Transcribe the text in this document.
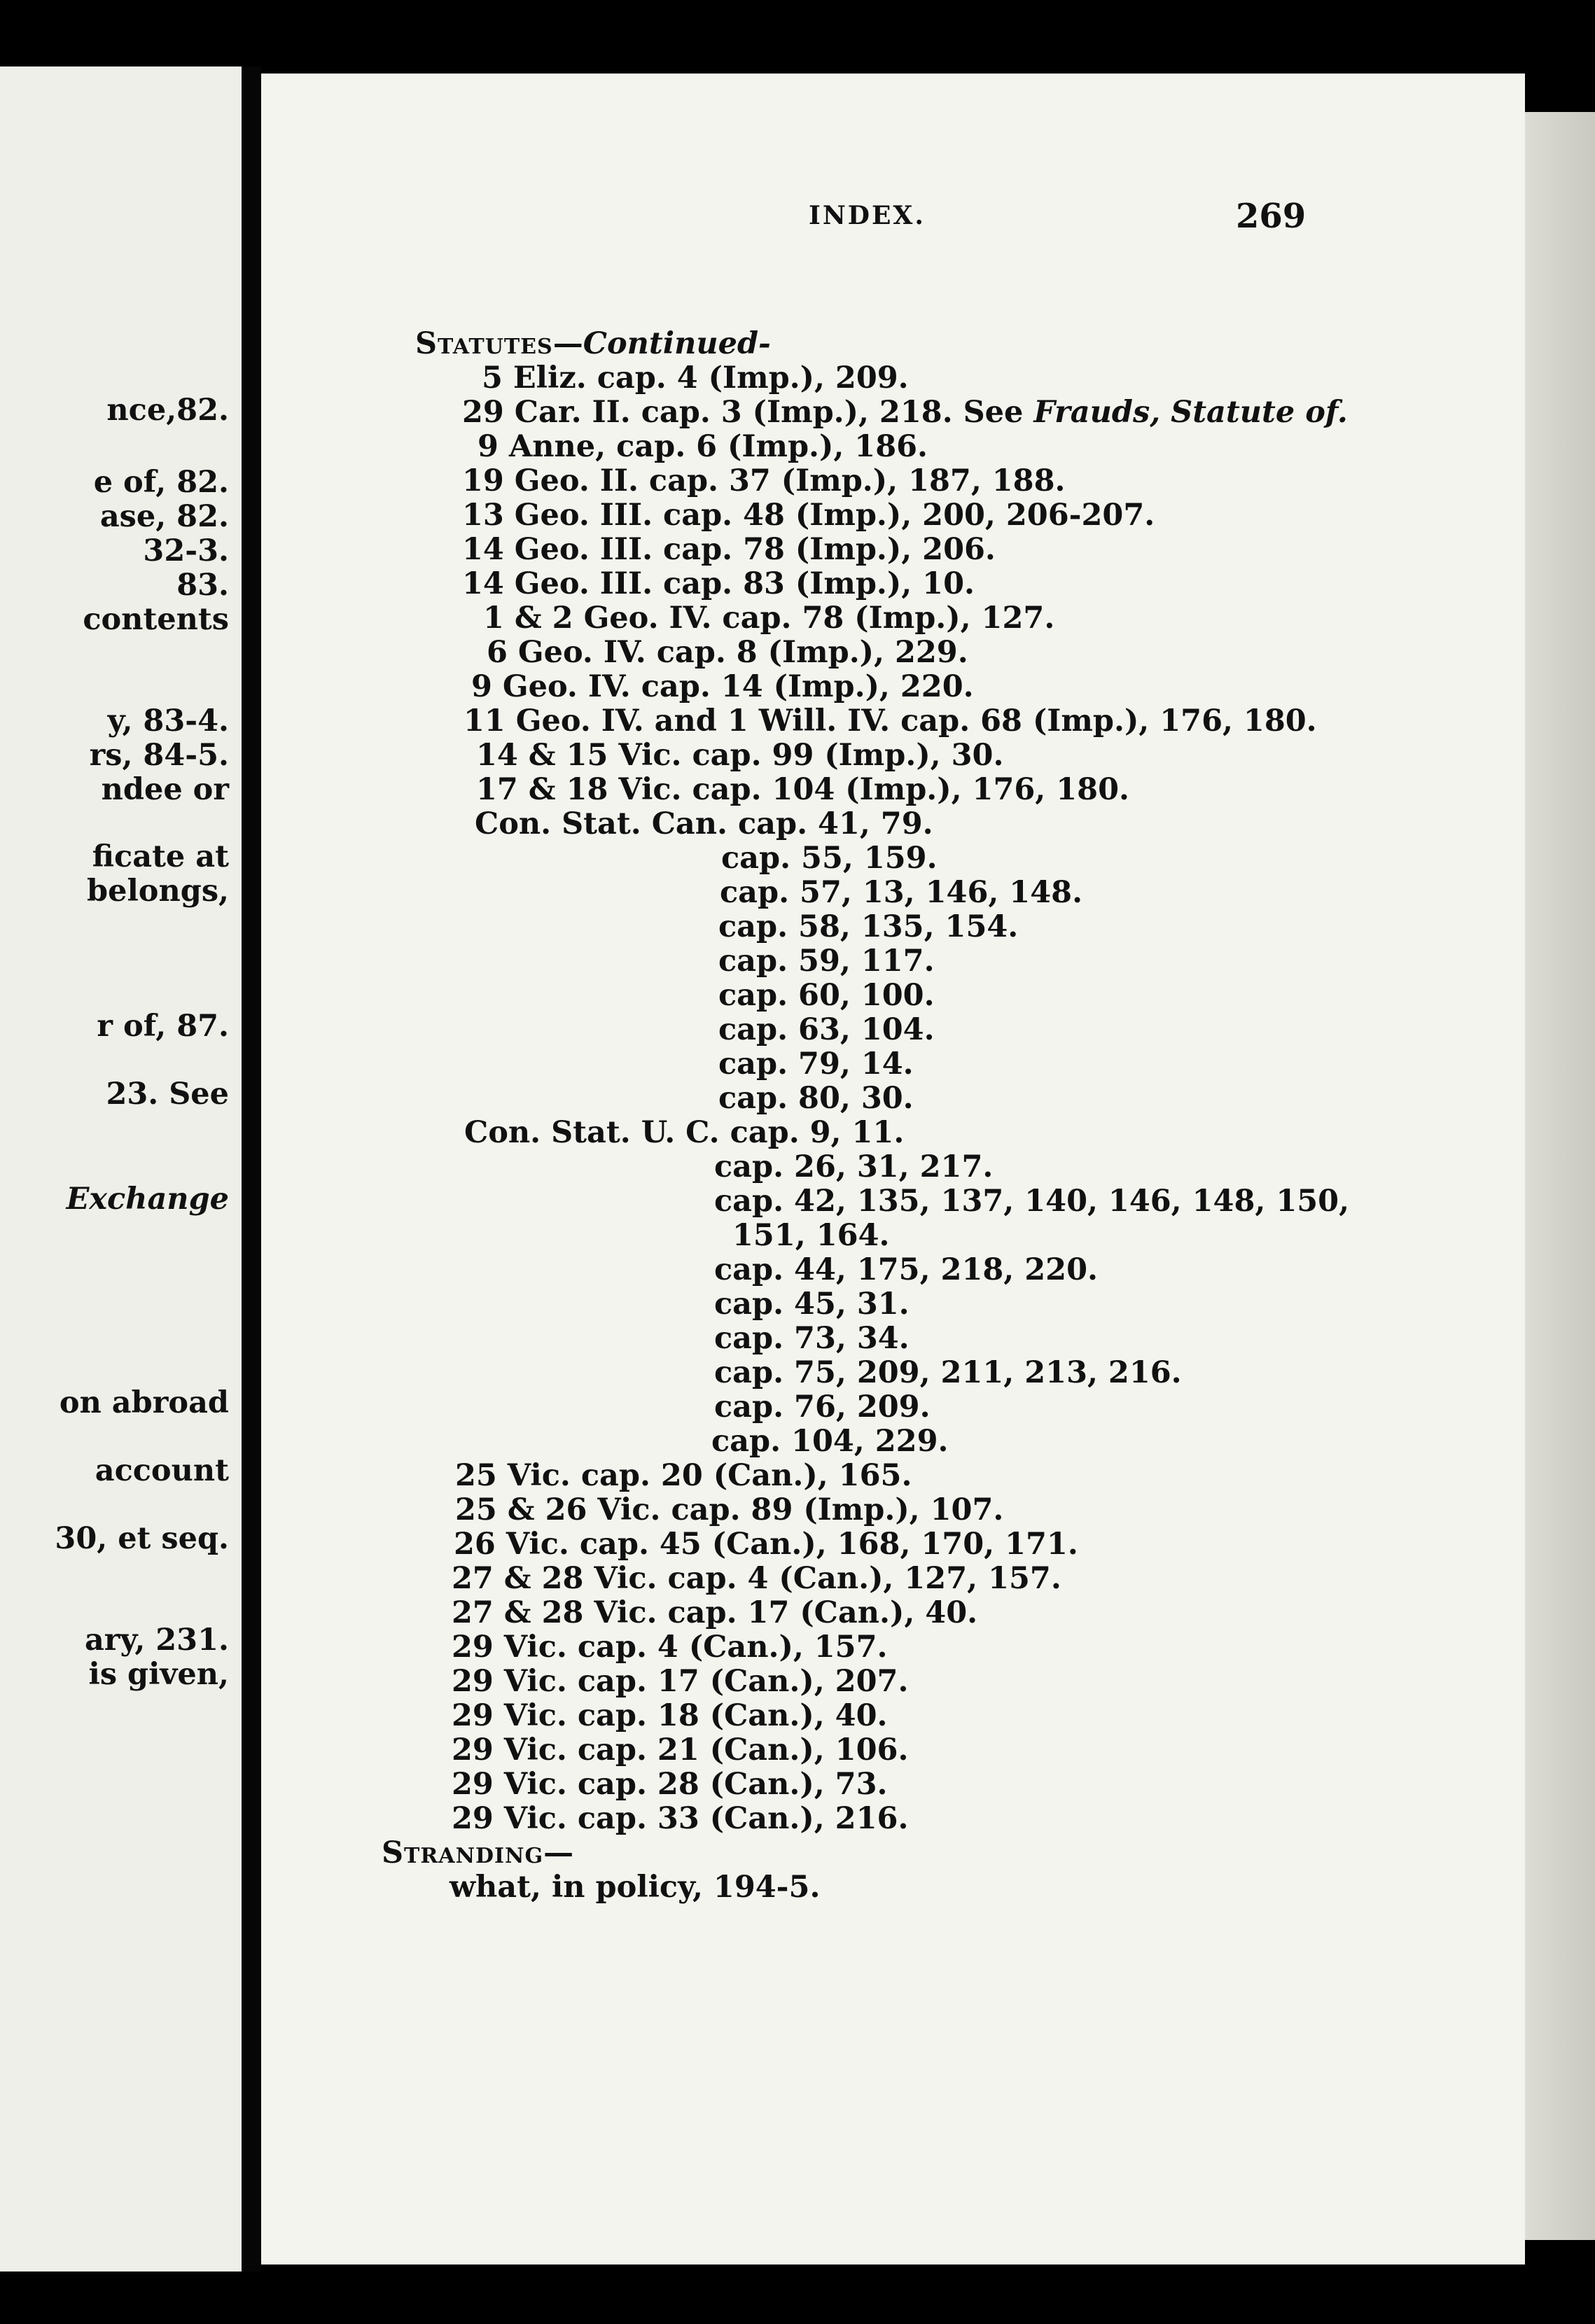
nce,82.
e of, 82.
ase, 82.
32-3.
83.
contents
y, 83-4.
rs, 84-5.
ndee or
ficate at
belongs,
r of, 87.
23. See
Exchange
on abroad
account
30, et seq.
ary, 231.
is given,
INDEX.	269
Statutes—Continued-
5 Eliz. cap. 4 (Imp.), 209.
29 Car. II. cap. 3 (Imp.), 218. See Frauds, Statute of.
9 Anne, cap. 6 (Imp.), 186.
19 Geo. II. cap. 37 (Imp.), 187, 188.
13 Geo. III. cap. 48 (Imp.), 200, 206-207.
14 Geo. III. cap. 78 (Imp.), 206.
14 Geo. III. cap. 83 (Imp.), 10.
1 & 2 Geo. IV. cap. 78 (Imp.), 127.
6 Geo. IV. cap. 8 (Imp.), 229.
9 Geo. IV. cap. 14 (Imp.), 220.
11 Geo. IV. and 1 Will. IV. cap. 68 (Imp.), 176, 180.
14 & 15 Vic. cap. 99 (Imp.), 30.
17 & 18 Vic. cap. 104 (Imp.), 176, 180.
Con. Stat. Can. cap. 41, 79.
cap. 55, 159.
cap. 57, 13, 146, 148.
cap. 58, 135, 154.
cap. 59, 117.
cap. 60, 100.
cap. 63, 104.
cap. 79, 14.
cap. 80, 30.
Con. Stat. U. C. cap. 9, 11.
cap. 26, 31, 217.
cap. 42, 135, 137, 140, 146, 148, 150,
151, 164.
cap. 44, 175, 218, 220.
cap. 45, 31.
cap. 73, 34.
cap. 75, 209, 211, 213, 216.
cap. 76, 209.
cap. 104, 229.
25 Vic. cap. 20 (Can.), 165.
25 & 26 Vic. cap. 89 (Imp.), 107.
26 Vic. cap. 45 (Can.), 168, 170, 171.
27 & 28 Vic. cap. 4 (Can.), 127, 157.
27 & 28 Vic. cap. 17 (Can.), 40.
29 Vic. cap. 4 (Can.), 157.
29 Vic. cap. 17 (Can.), 207.
29 Vic. cap. 18 (Can.), 40.
29 Vic. cap. 21 (Can.), 106.
29 Vic. cap. 28 (Can.), 73.
29 Vic. cap. 33 (Can.), 216.
Stranding—
what, in policy, 194-5.
